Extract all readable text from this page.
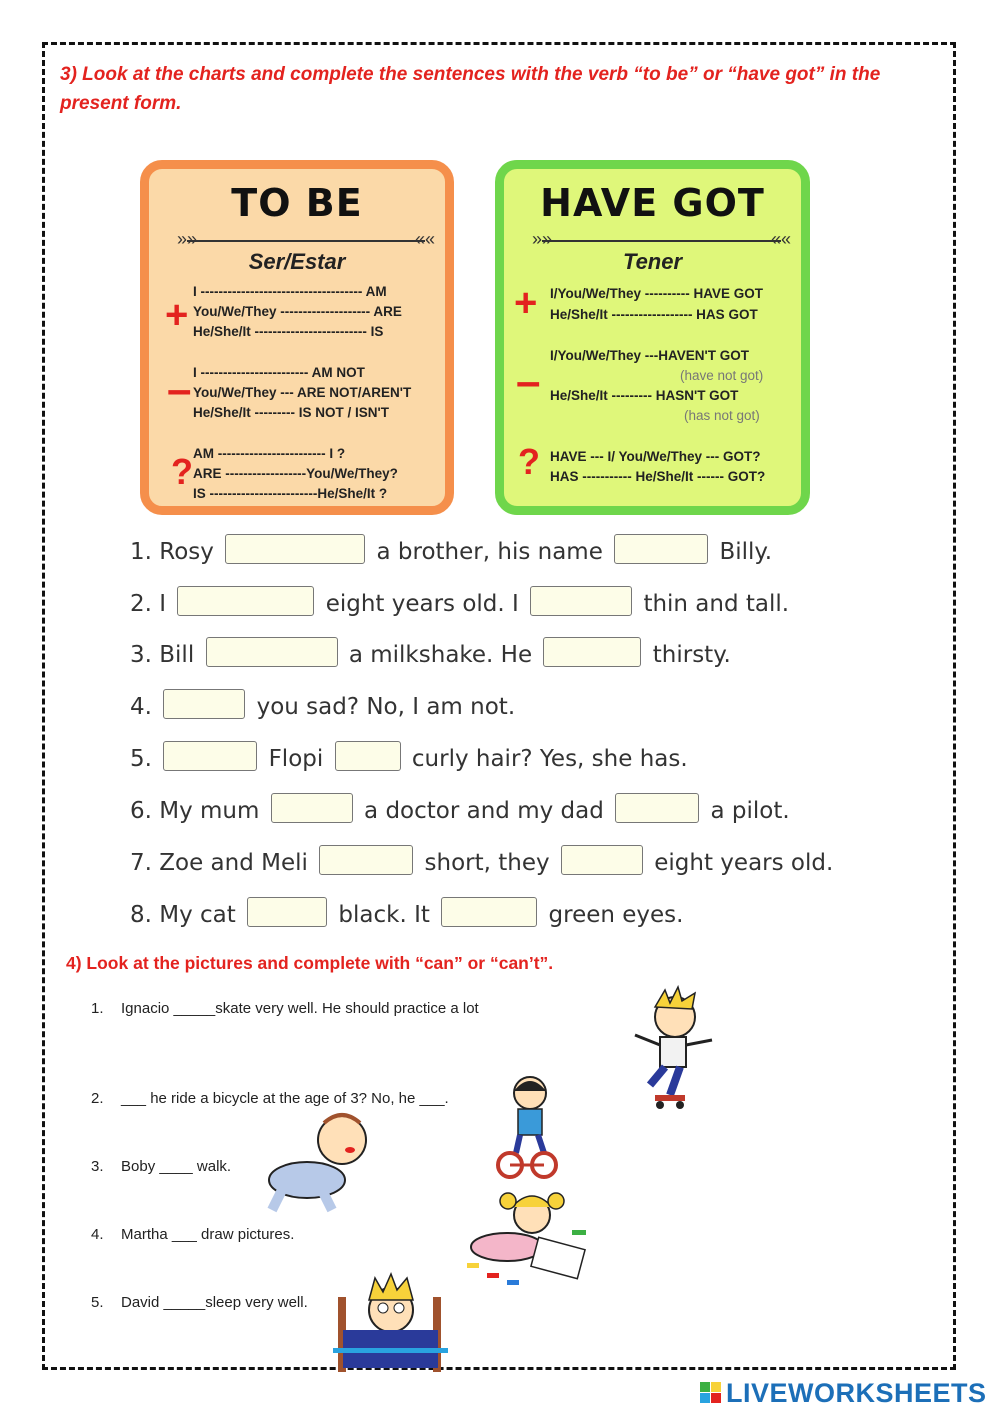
3) Look at the charts and complete the sentences with the verb “to be” or “have got” in the present form.
TO BE
»» ««
Ser/Estar
+
I ------------------------------------ AM
You/We/They -------------------- ARE
He/She/It ------------------------- IS
– I ------------------------ AM NOT
You/We/They --- ARE NOT/AREN'T
He/She/It --------- IS NOT / ISN'T
? AM ------------------------ I ?
ARE ------------------You/We/They?
IS ------------------------He/She/It ?
HAVE GOT
»» ««
Tener
+ I/You/We/They ---------- HAVE GOT
He/She/It ------------------ HAS GOT
–
I/You/We/They ---HAVEN'T GOT
(have not got)
He/She/It --------- HASN'T GOT
(has not got)
? HAVE --- I/ You/We/They --- GOT?
HAS ----------- He/She/It ------ GOT?
1. Rosy	a brother, his name	Billy.
2. I	eight years old. I	thin and tall.
3. Bill	a milkshake. He	thirsty.
4.	you sad? No, I am not.
5.	Flopi	curly hair? Yes, she has.
6. My mum	a doctor and my dad	a pilot.
7. Zoe and Meli	short, they	eight years old.
8. My cat	black. It	green eyes.
4) Look at the pictures and complete with “can” or “can’t”.
1. Ignacio _____skate very well. He should practice a lot
2. ___ he ride a bicycle at the age of 3? No, he ___.
3. Boby ____ walk.
4. Martha ___ draw pictures.
5. David _____sleep very well.
LIVEWORKSHEETS
